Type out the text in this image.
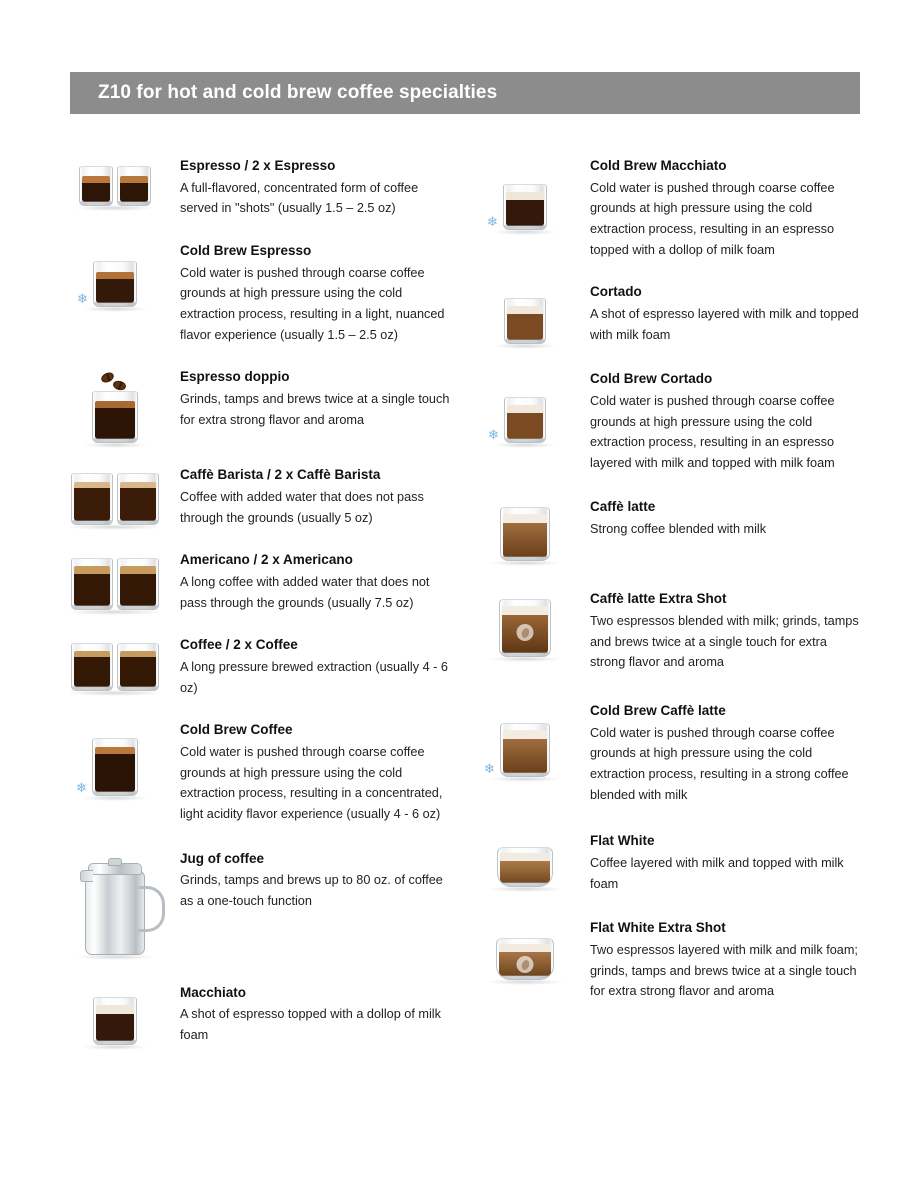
Z10 for hot and cold brew coffee specialties

Espresso / 2 x Espresso

A full-flavored, concentrated form of coffee served in "shots" (usually 1.5 – 2.5 oz)

❄

Cold Brew Espresso

Cold water is pushed through coarse coffee grounds at high pressure using the cold extraction process, resulting in a light, nuanced flavor experience (usually 1.5 – 2.5 oz)

Espresso doppio

Grinds, tamps and brews twice at a single touch for extra strong flavor and aroma

Caffè Barista / 2 x Caffè Barista

Coffee with added water that does not pass through the grounds (usually 5 oz)

Americano / 2 x Americano

A long coffee with added water that does not pass through the grounds (usually 7.5 oz)

Coffee / 2 x Coffee

A long pressure brewed extraction (usually 4 - 6 oz)

❄

Cold Brew Coffee

Cold water is pushed through coarse coffee grounds at high pressure using the cold extraction process, resulting in a concentrated, light acidity flavor experience (usually 4 - 6 oz)

Jug of coffee

Grinds, tamps and brews up to 80 oz. of coffee as a one-touch function

Macchiato

A shot of espresso topped with a dollop of milk foam

❄

Cold Brew Macchiato

Cold water is pushed through coarse coffee grounds at high pressure using the cold extraction process, resulting in an espresso topped with a dollop of milk foam

Cortado

A shot of espresso layered with milk and topped with milk foam

❄

Cold Brew Cortado

Cold water is pushed through coarse coffee grounds at high pressure using the cold extraction process, resulting in an espresso layered with milk and topped with milk foam

Caffè latte

Strong coffee blended with milk

Caffè latte Extra Shot

Two espressos blended with milk; grinds, tamps and brews twice at a single touch for extra strong flavor and aroma

❄

Cold Brew Caffè latte

Cold water is pushed through coarse coffee grounds at high pressure using the cold extraction process, resulting in a strong coffee blended with milk

Flat White

Coffee layered with milk and topped with milk foam

Flat White Extra Shot

Two espressos layered with milk and milk foam; grinds, tamps and brews twice at a single touch for extra strong flavor and aroma
